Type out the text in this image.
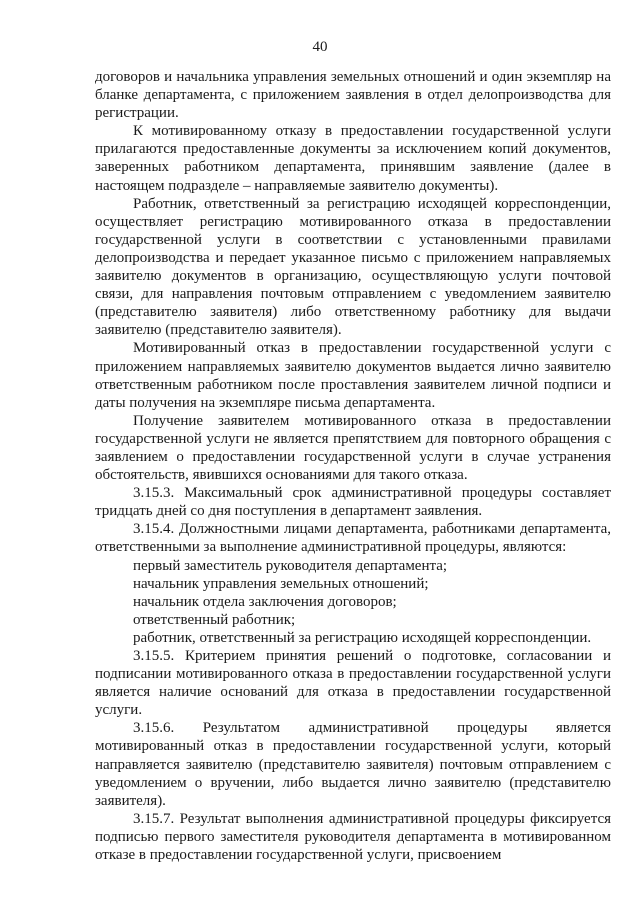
40

договоров и начальника управления земельных отношений и один экземпляр на бланке департамента, с приложением заявления в отдел делопроизводства для регистрации.

К мотивированному отказу в предоставлении государственной услуги прилагаются предоставленные документы за исключением копий документов, заверенных работником департамента, принявшим заявление (далее в настоящем подразделе – направляемые заявителю документы).

Работник, ответственный за регистрацию исходящей корреспонденции, осуществляет регистрацию мотивированного отказа в предоставлении государственной услуги в соответствии с установленными правилами делопроизводства и передает указанное письмо с приложением направляемых заявителю документов в организацию, осуществляющую услуги почтовой связи, для направления почтовым отправлением с уведомлением заявителю (представителю заявителя) либо ответственному работнику для выдачи заявителю (представителю заявителя).

Мотивированный отказ в предоставлении государственной услуги с приложением направляемых заявителю документов выдается лично заявителю ответственным работником после проставления заявителем личной подписи и даты получения на экземпляре письма департамента.

Получение заявителем мотивированного отказа в предоставлении государственной услуги не является препятствием для повторного обращения с заявлением о предоставлении государственной услуги в случае устранения обстоятельств, явившихся основаниями для такого отказа.

3.15.3. Максимальный срок административной процедуры составляет тридцать дней со дня поступления в департамент заявления.

3.15.4. Должностными лицами департамента, работниками департамента, ответственными за выполнение административной процедуры, являются:

первый заместитель руководителя департамента;

начальник управления земельных отношений;

начальник отдела заключения договоров;

ответственный работник;

работник, ответственный за регистрацию исходящей корреспонденции.

3.15.5. Критерием принятия решений о подготовке, согласовании и подписании мотивированного отказа в предоставлении государственной услуги является наличие оснований для отказа в предоставлении государственной услуги.

3.15.6. Результатом административной процедуры является мотивированный отказ в предоставлении государственной услуги, который направляется заявителю (представителю заявителя) почтовым отправлением с уведомлением о вручении, либо выдается лично заявителю (представителю заявителя).

3.15.7. Результат выполнения административной процедуры фиксируется подписью первого заместителя руководителя департамента в мотивированном отказе в предоставлении государственной услуги, присвоением
